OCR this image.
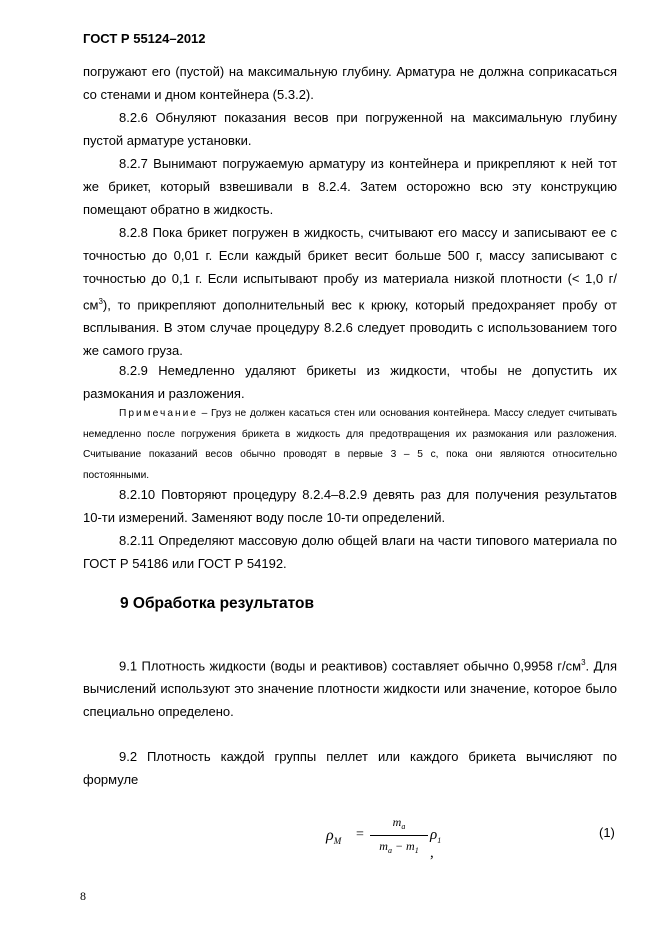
ГОСТ Р 55124–2012

погружают его (пустой) на максимальную глубину. Арматура не должна соприкасаться со стенами и дном контейнера (5.3.2).

8.2.6 Обнуляют показания весов при погруженной на максимальную глубину пустой арматуре установки.

8.2.7 Вынимают погружаемую арматуру из контейнера и прикрепляют к ней тот же брикет, который взвешивали в 8.2.4. Затем осторожно всю эту конструкцию помещают обратно в жидкость.

8.2.8 Пока брикет погружен в жидкость, считывают его массу и записывают ее с точностью до 0,01 г. Если каждый брикет весит больше 500 г, массу записывают с точностью до 0,1 г. Если испытывают пробу из материала низкой плотности (< 1,0 $г/см^3$), то прикрепляют дополнительный вес к крюку, который предохраняет пробу от всплывания. В этом случае процедуру 8.2.6 следует проводить с использованием того же самого груза.

8.2.9 Немедленно удаляют брикеты из жидкости, чтобы не допустить их размокания и разложения.

Примечание – Груз не должен касаться стен или основания контейнера. Массу следует считывать немедленно после погружения брикета в жидкость для предотвращения их размокания или разложения. Считывание показаний весов обычно проводят в первые 3 – 5 с, пока они являются относительно постоянными.

8.2.10 Повторяют процедуру 8.2.4–8.2.9 девять раз для получения результатов 10-ти измерений. Заменяют воду после 10-ти определений.

8.2.11 Определяют массовую долю общей влаги на части типового материала по ГОСТ Р 54186 или ГОСТ Р 54192.

9 Обработка результатов

9.1 Плотность жидкости (воды и реактивов) составляет обычно 0,9958 $г/см^3$. Для вычислений используют это значение плотности жидкости или значение, которое было специально определено.

9.2 Плотность каждой группы пеллет или каждого брикета вычисляют по формуле

$\rho_M$ =
$m_a$
$m_a - m_1$
$\rho_1$ ,
(1)
8
